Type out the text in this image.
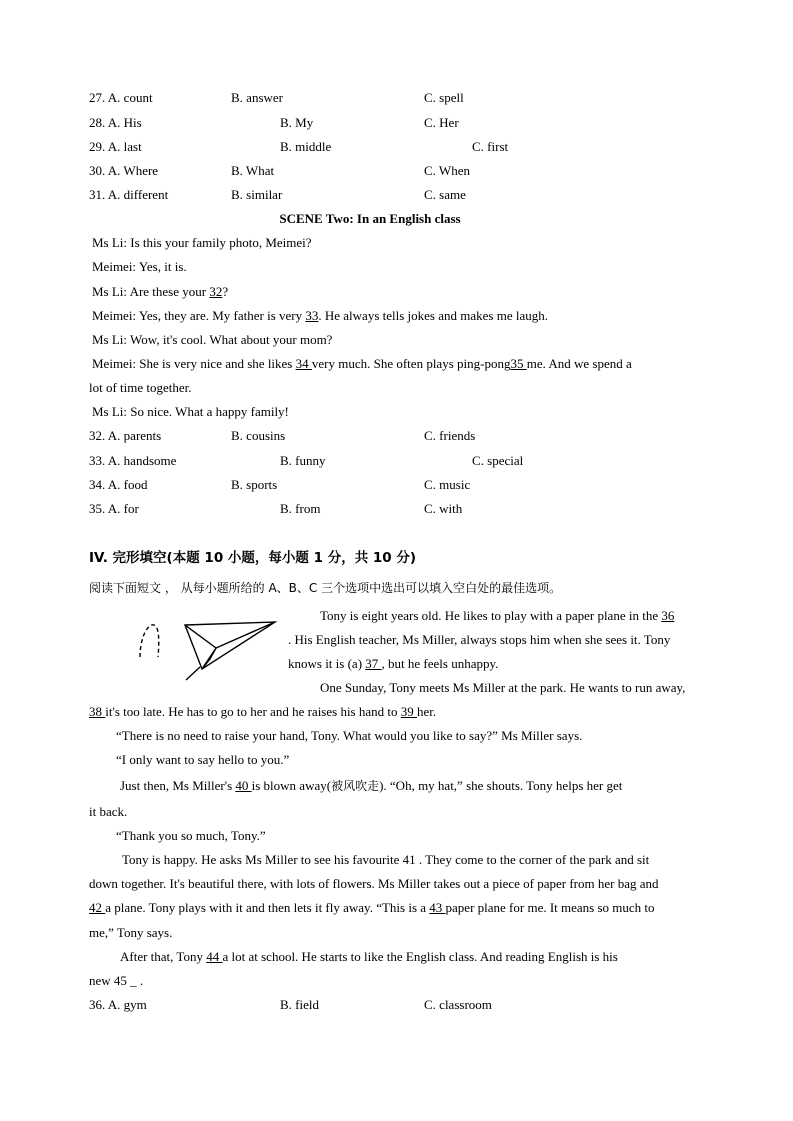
27. A. count	B. answer	C. spell
28. A. His	B. My	C. Her
29. A. last	B. middle	C. first
30. A. Where	B. What	C. When
31. A. different	B. similar	C. same
SCENE Two: In an English class
Ms Li: Is this your family photo, Meimei?
Meimei: Yes, it is.
Ms Li: Are these your 32?
Meimei: Yes, they are. My father is very 33. He always tells jokes and makes me laugh.
Ms Li: Wow, it's cool. What about your mom?
Meimei: She is very nice and she likes 34 very much. She often plays ping-pong35 me. And we spend a
lot of time together.
Ms Li: So nice. What a happy family!
32. A. parents	B. cousins	C. friends
33. A. handsome	B. funny	C. special
34. A. food	B. sports	C. music
35. A. for	B. from	C. with
IV. 完形填空(本题 10 小题，每小题 1 分，共 10 分)
阅读下面短文 ， 从每小题所给的 A、B、C 三个选项中选出可以填入空白处的最佳选项。
Tony is eight years old. He likes to play with a paper plane in the 36
. His English teacher, Ms Miller, always stops him when she sees it. Tony
knows it is (a) 37 , but he feels unhappy.
One Sunday, Tony meets Ms Miller at the park. He wants to run away,
38 it's too late. He has to go to her and he raises his hand to 39 her.
“There is no need to raise your hand, Tony. What would you like to say?” Ms Miller says.
“I only want to say hello to you.”
Just then, Ms Miller's 40 is blown away(被风吹走). “Oh, my hat,” she shouts. Tony helps her get
it back.
“Thank you so much, Tony.”
Tony is happy. He asks Ms Miller to see his favourite 41 . They come to the corner of the park and sit
down together. It's beautiful there, with lots of flowers. Ms Miller takes out a piece of paper from her bag and
42 a plane. Tony plays with it and then lets it fly away. “This is a 43 paper plane for me. It means so much to
me,” Tony says.
After that, Tony 44 a lot at school. He starts to like the English class. And reading English is his
new 45 _ .
36. A. gym	B. field	C. classroom
